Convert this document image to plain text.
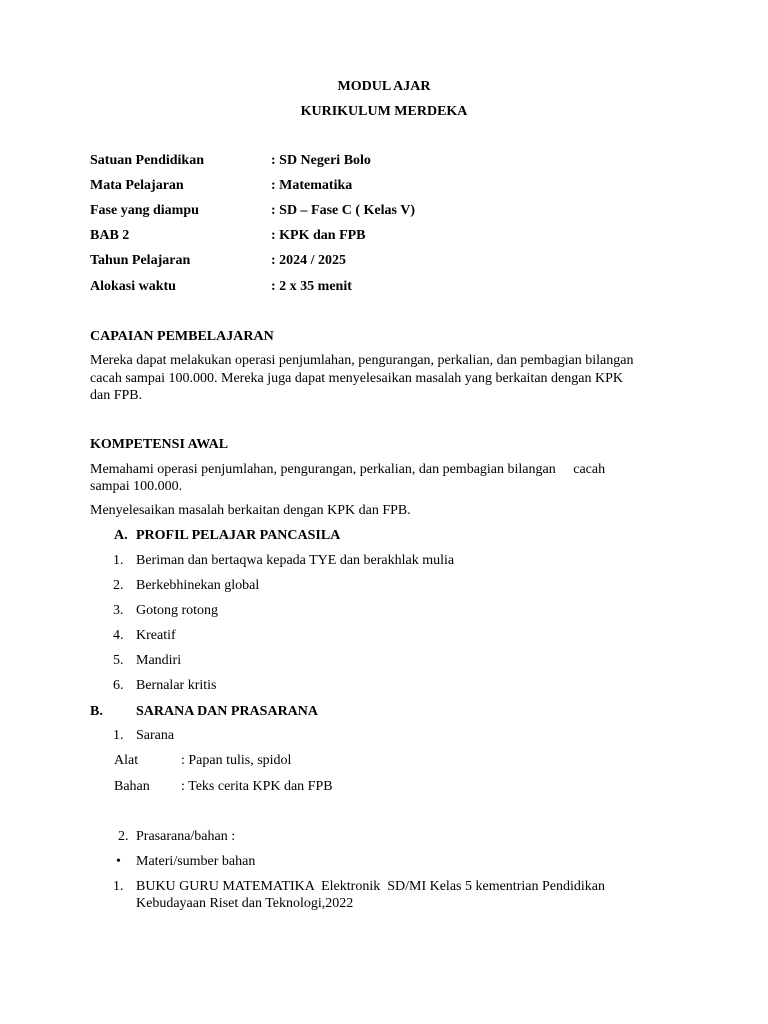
MODUL AJAR
KURIKULUM MERDEKA
Satuan Pendidikan	: SD Negeri Bolo
Mata Pelajaran	: Matematika
Fase yang diampu	: SD – Fase C ( Kelas V)
BAB 2	: KPK dan FPB
Tahun Pelajaran	: 2024 / 2025
Alokasi waktu	: 2 x 35 menit
CAPAIAN PEMBELAJARAN
Mereka dapat melakukan operasi penjumlahan, pengurangan, perkalian, dan pembagian bilangan
cacah sampai 100.000. Mereka juga dapat menyelesaikan masalah yang berkaitan dengan KPK
dan FPB.
KOMPETENSI AWAL
Memahami operasi penjumlahan, pengurangan, perkalian, dan pembagian bilangan     cacah
sampai 100.000.
Menyelesaikan masalah berkaitan dengan KPK dan FPB.
A. PROFIL PELAJAR PANCASILA
1. Beriman dan bertaqwa kepada TYE dan berakhlak mulia
2. Berkebhinekan global
3. Gotong rotong
4. Kreatif
5. Mandiri
6. Bernalar kritis
B. SARANA DAN PRASARANA
1. Sarana
Alat	: Papan tulis, spidol
Bahan : Teks cerita KPK dan FPB
2. Prasarana/bahan :
• Materi/sumber bahan
1. BUKU GURU MATEMATIKA  Elektronik  SD/MI Kelas 5 kementrian Pendidikan
Kebudayaan Riset dan Teknologi,2022
